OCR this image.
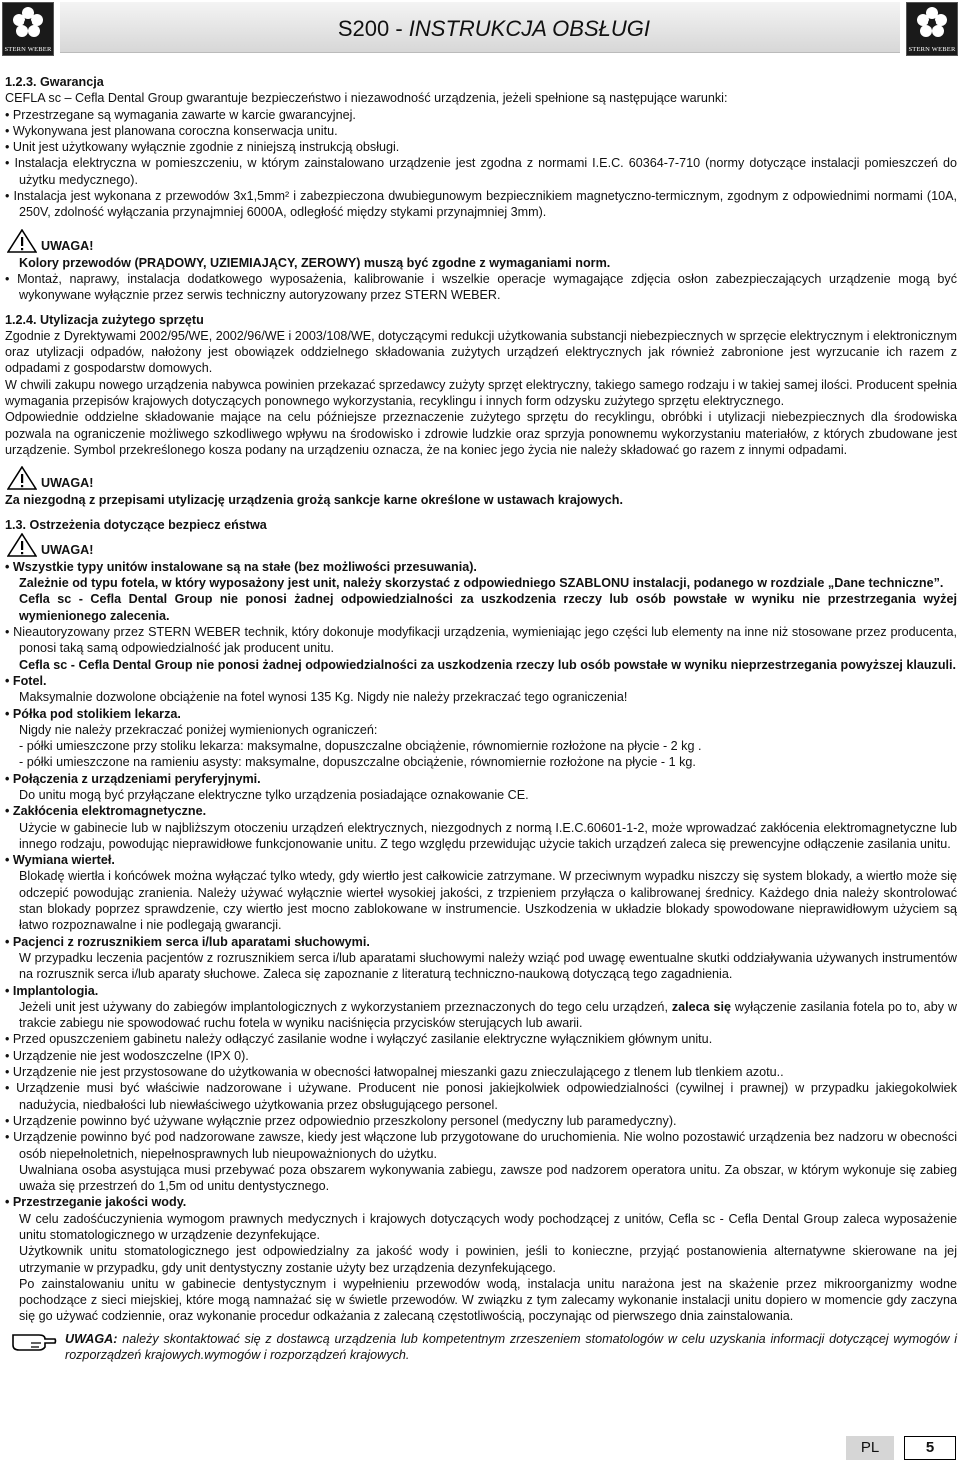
STERN WEBER
S200 - INSTRUKCJA OBSŁUGI
STERN WEBER

1.2.3. Gwarancja

CEFLA sc – Cefla Dental Group gwarantuje bezpieczeństwo i niezawodność urządzenia, jeżeli spełnione są następujące warunki:

• Przestrzegane są wymagania zawarte w karcie gwarancyjnej.

• Wykonywana jest planowana coroczna konserwacja unitu.

• Unit jest użytkowany wyłącznie zgodnie z niniejszą instrukcją obsługi.

• Instalacja elektryczna w pomieszczeniu, w którym zainstalowano urządzenie jest zgodna z normami I.E.C. 60364-7-710 (normy dotyczące instalacji pomieszczeń do użytku medycznego).

• Instalacja jest wykonana z przewodów 3x1,5mm² i zabezpieczona dwubiegunowym bezpiecznikiem magnetyczno-termicznym, zgodnym z odpowiednimi normami (10A, 250V, zdolność wyłączania przynajmniej 6000A, odległość między stykami przynajmniej 3mm).

UWAGA!

Kolory przewodów (PRĄDOWY, UZIEMIAJĄCY, ZEROWY) muszą być zgodne z wymaganiami norm.

• Montaż, naprawy, instalacja dodatkowego wyposażenia, kalibrowanie i wszelkie operacje wymagające zdjęcia osłon zabezpieczających urządzenie mogą być wykonywane wyłącznie przez serwis techniczny autoryzowany przez STERN WEBER.

1.2.4. Utylizacja zużytego sprzętu

Zgodnie z Dyrektywami 2002/95/WE, 2002/96/WE i 2003/108/WE, dotyczącymi redukcji użytkowania substancji niebezpiecznych w sprzęcie elektrycznym i elektronicznym oraz utylizacji odpadów, nałożony jest obowiązek oddzielnego składowania zużytych urządzeń elektrycznych jak również zabronione jest wyrzucanie ich razem z odpadami z gospodarstw domowych.

W chwili zakupu nowego urządzenia nabywca powinien przekazać sprzedawcy zużyty sprzęt elektryczny, takiego samego rodzaju i w takiej samej ilości. Producent spełnia wymagania przepisów krajowych dotyczących ponownego wykorzystania, recyklingu i innych form odzysku zużytego sprzętu elektrycznego.

Odpowiednie oddzielne składowanie mające na celu późniejsze przeznaczenie zużytego sprzętu do recyklingu, obróbki i utylizacji niebezpiecznych dla środowiska pozwala na ograniczenie możliwego szkodliwego wpływu na środowisko i zdrowie ludzkie oraz sprzyja ponownemu wykorzystaniu materiałów, z których zbudowane jest urządzenie. Symbol przekreślonego kosza podany na urządzeniu oznacza, że na koniec jego życia nie należy składować go razem z innymi odpadami.

UWAGA!

Za niezgodną z przepisami utylizację urządzenia grożą sankcje karne określone w ustawach krajowych.

1.3. Ostrzeżenia dotyczące bezpiecz eństwa

UWAGA!

• Wszystkie typy unitów instalowane są na stałe (bez możliwości przesuwania).

Zależnie od typu fotela, w który wyposażony jest unit, należy skorzystać z odpowiedniego SZABLONU instalacji, podanego w rozdziale „Dane techniczne”.

Cefla sc - Cefla Dental Group nie ponosi żadnej odpowiedzialności za uszkodzenia rzeczy lub osób powstałe w wyniku nie przestrzegania wyżej wymienionego zalecenia.

• Nieautoryzowany przez STERN WEBER technik, który dokonuje modyfikacji urządzenia, wymieniając jego części lub elementy na inne niż stosowane przez producenta, ponosi taką samą odpowiedzialność jak producent unitu.

Cefla sc - Cefla Dental Group nie ponosi żadnej odpowiedzialności za uszkodzenia rzeczy lub osób powstałe w wyniku nieprzestrzegania powyższej klauzuli.

• Fotel.

Maksymalnie dozwolone obciążenie na fotel wynosi 135 Kg. Nigdy nie należy przekraczać tego ograniczenia!

• Półka pod stolikiem lekarza.

Nigdy nie należy przekraczać poniżej wymienionych ograniczeń:

- półki umieszczone przy stoliku lekarza: maksymalne, dopuszczalne obciążenie, równomiernie rozłożone na płycie - 2 kg .

- półki umieszczone na ramieniu asysty: maksymalne, dopuszczalne obciążenie, równomiernie rozłożone na płycie - 1 kg.

• Połączenia z urządzeniami peryferyjnymi.

Do unitu mogą być przyłączane elektryczne tylko urządzenia posiadające oznakowanie CE.

• Zakłócenia elektromagnetyczne.

Użycie w gabinecie lub w najbliższym otoczeniu urządzeń elektrycznych, niezgodnych z normą I.E.C.60601-1-2, może wprowadzać zakłócenia elektromagnetyczne lub innego rodzaju, powodując nieprawidłowe funkcjonowanie unitu. Z tego względu przewidując użycie takich urządzeń zaleca się prewencyjne odłączenie zasilania unitu.

• Wymiana wierteł.

Blokadę wiertła i końcówek można wyłączać tylko wtedy, gdy wiertło jest całkowicie zatrzymane. W przeciwnym wypadku niszczy się system blokady, a wiertło może się odczepić powodując zranienia. Należy używać wyłącznie wierteł wysokiej jakości, z trzpieniem przyłącza o kalibrowanej średnicy. Każdego dnia należy skontrolować stan blokady poprzez sprawdzenie, czy wiertło jest mocno zablokowane w instrumencie. Uszkodzenia w układzie blokady spowodowane nieprawidłowym użyciem są łatwo rozpoznawalne i nie podlegają gwarancji.

• Pacjenci z rozrusznikiem serca i/lub aparatami słuchowymi.

W przypadku leczenia pacjentów z rozrusznikiem serca i/lub aparatami słuchowymi należy wziąć pod uwagę ewentualne skutki oddziaływania używanych instrumentów na rozrusznik serca i/lub aparaty słuchowe. Zaleca się zapoznanie z literaturą techniczno-naukową dotyczącą tego zagadnienia.

• Implantologia.

Jeżeli unit jest używany do zabiegów implantologicznych z wykorzystaniem przeznaczonych do tego celu urządzeń, zaleca się wyłączenie zasilania fotela po to, aby w trakcie zabiegu nie spowodować ruchu fotela w wyniku naciśnięcia przycisków sterujących lub awarii.

• Przed opuszczeniem gabinetu należy odłączyć zasilanie wodne i wyłączyć zasilanie elektryczne wyłącznikiem głównym unitu.

• Urządzenie nie jest wodoszczelne (IPX 0).

• Urządzenie nie jest przystosowane do użytkowania w obecności łatwopalnej mieszanki gazu znieczulającego z tlenem lub tlenkiem azotu..

• Urządzenie musi być właściwie nadzorowane i używane. Producent nie ponosi jakiejkolwiek odpowiedzialności (cywilnej i prawnej) w przypadku jakiegokolwiek nadużycia, niedbałości lub niewłaściwego użytkowania przez obsługującego personel.

• Urządzenie powinno być używane wyłącznie przez odpowiednio przeszkolony personel (medyczny lub paramedyczny).

• Urządzenie powinno być pod nadzorowane zawsze, kiedy jest włączone lub przygotowane do uruchomienia. Nie wolno pozostawić urządzenia bez nadzoru w obecności osób niepełnoletnich, niepełnosprawnych lub nieupoważnionych do użytku.

Uwalniana osoba asystująca musi przebywać poza obszarem wykonywania zabiegu, zawsze pod nadzorem operatora unitu. Za obszar, w którym wykonuje się zabieg uważa się przestrzeń do 1,5m od unitu dentystycznego.

• Przestrzeganie jakości wody.

W celu zadośćuczynienia wymogom prawnych medycznych i krajowych dotyczących wody pochodzącej z unitów, Cefla sc - Cefla Dental Group zaleca wyposażenie unitu stomatologicznego w urządzenie dezynfekujące.

Użytkownik unitu stomatologicznego jest odpowiedzialny za jakość wody i powinien, jeśli to konieczne, przyjąć postanowienia alternatywne skierowane na jej utrzymanie w przypadku, gdy unit dentystyczny zostanie użyty bez urządzenia dezynfekującego.

Po zainstalowaniu unitu w gabinecie dentystycznym i wypełnieniu przewodów wodą, instalacja unitu narażona jest na skażenie przez mikroorganizmy wodne pochodzące z sieci miejskiej, które mogą namnażać się w świetle przewodów. W związku z tym zalecamy wykonanie instalacji unitu dopiero w momencie gdy zaczyna się go używać codziennie, oraz wykonanie procedur odkażania z zalecaną częstotliwością, poczynając od pierwszego dnia zainstalowania.

UWAGA: należy skontaktować się z dostawcą urządzenia lub kompetentnym zrzeszeniem stomatologów w celu uzyskania informacji dotyczącej wymogów i rozporządzeń krajowych.wymogów i rozporządzeń krajowych.

PL	5
